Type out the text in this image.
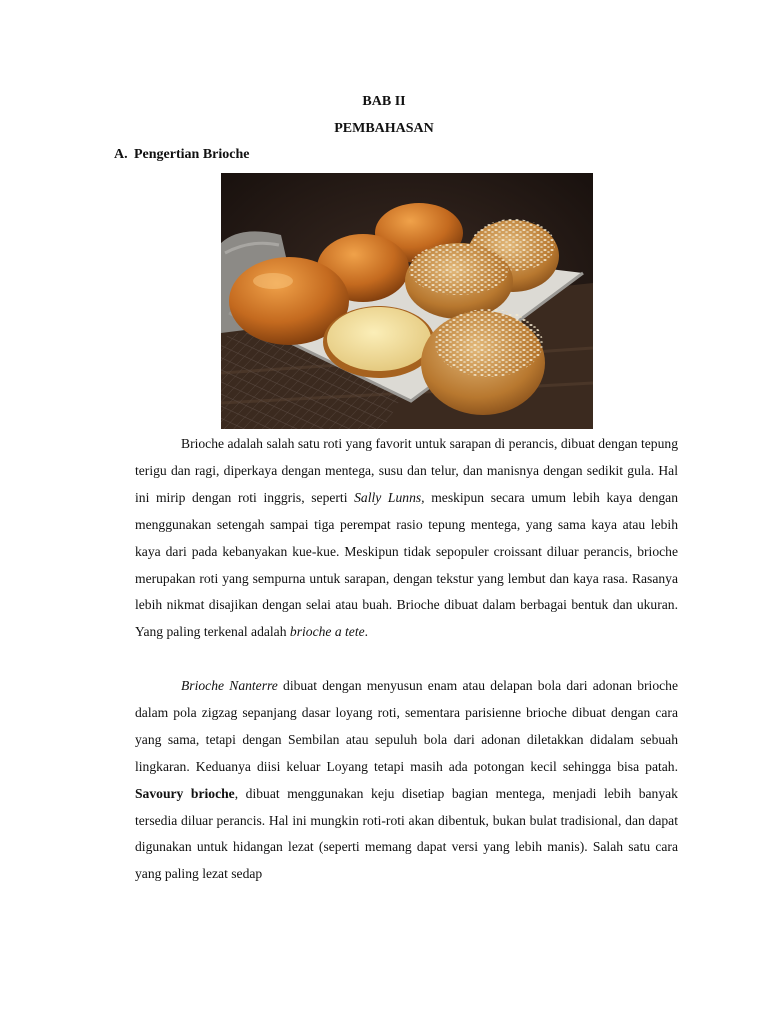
BAB II
PEMBAHASAN
A. Pengertian Brioche

Brioche adalah salah satu roti yang favorit untuk sarapan di perancis, dibuat dengan tepung terigu dan ragi, diperkaya dengan mentega, susu dan telur, dan manisnya dengan sedikit gula. Hal ini mirip dengan roti inggris, seperti Sally Lunns, meskipun secara umum lebih kaya dengan menggunakan setengah sampai tiga perempat rasio tepung mentega, yang sama kaya atau lebih kaya dari pada kebanyakan kue-kue. Meskipun tidak sepopuler croissant diluar perancis, brioche merupakan roti yang sempurna untuk sarapan, dengan tekstur yang lembut dan kaya rasa. Rasanya lebih nikmat disajikan dengan selai atau buah. Brioche dibuat dalam berbagai bentuk dan ukuran. Yang paling terkenal adalah brioche a tete.

Brioche Nanterre dibuat dengan menyusun enam atau delapan bola dari adonan brioche dalam pola zigzag sepanjang dasar loyang roti, sementara parisienne brioche dibuat dengan cara yang sama, tetapi dengan Sembilan atau sepuluh bola dari adonan diletakkan didalam sebuah lingkaran. Keduanya diisi keluar Loyang tetapi masih ada potongan kecil sehingga bisa patah. Savoury brioche, dibuat menggunakan keju disetiap bagian mentega, menjadi lebih banyak tersedia diluar perancis. Hal ini mungkin roti-roti akan dibentuk, bukan bulat tradisional, dan dapat digunakan untuk hidangan lezat (seperti memang dapat versi yang lebih manis). Salah satu cara yang paling lezat sedap
